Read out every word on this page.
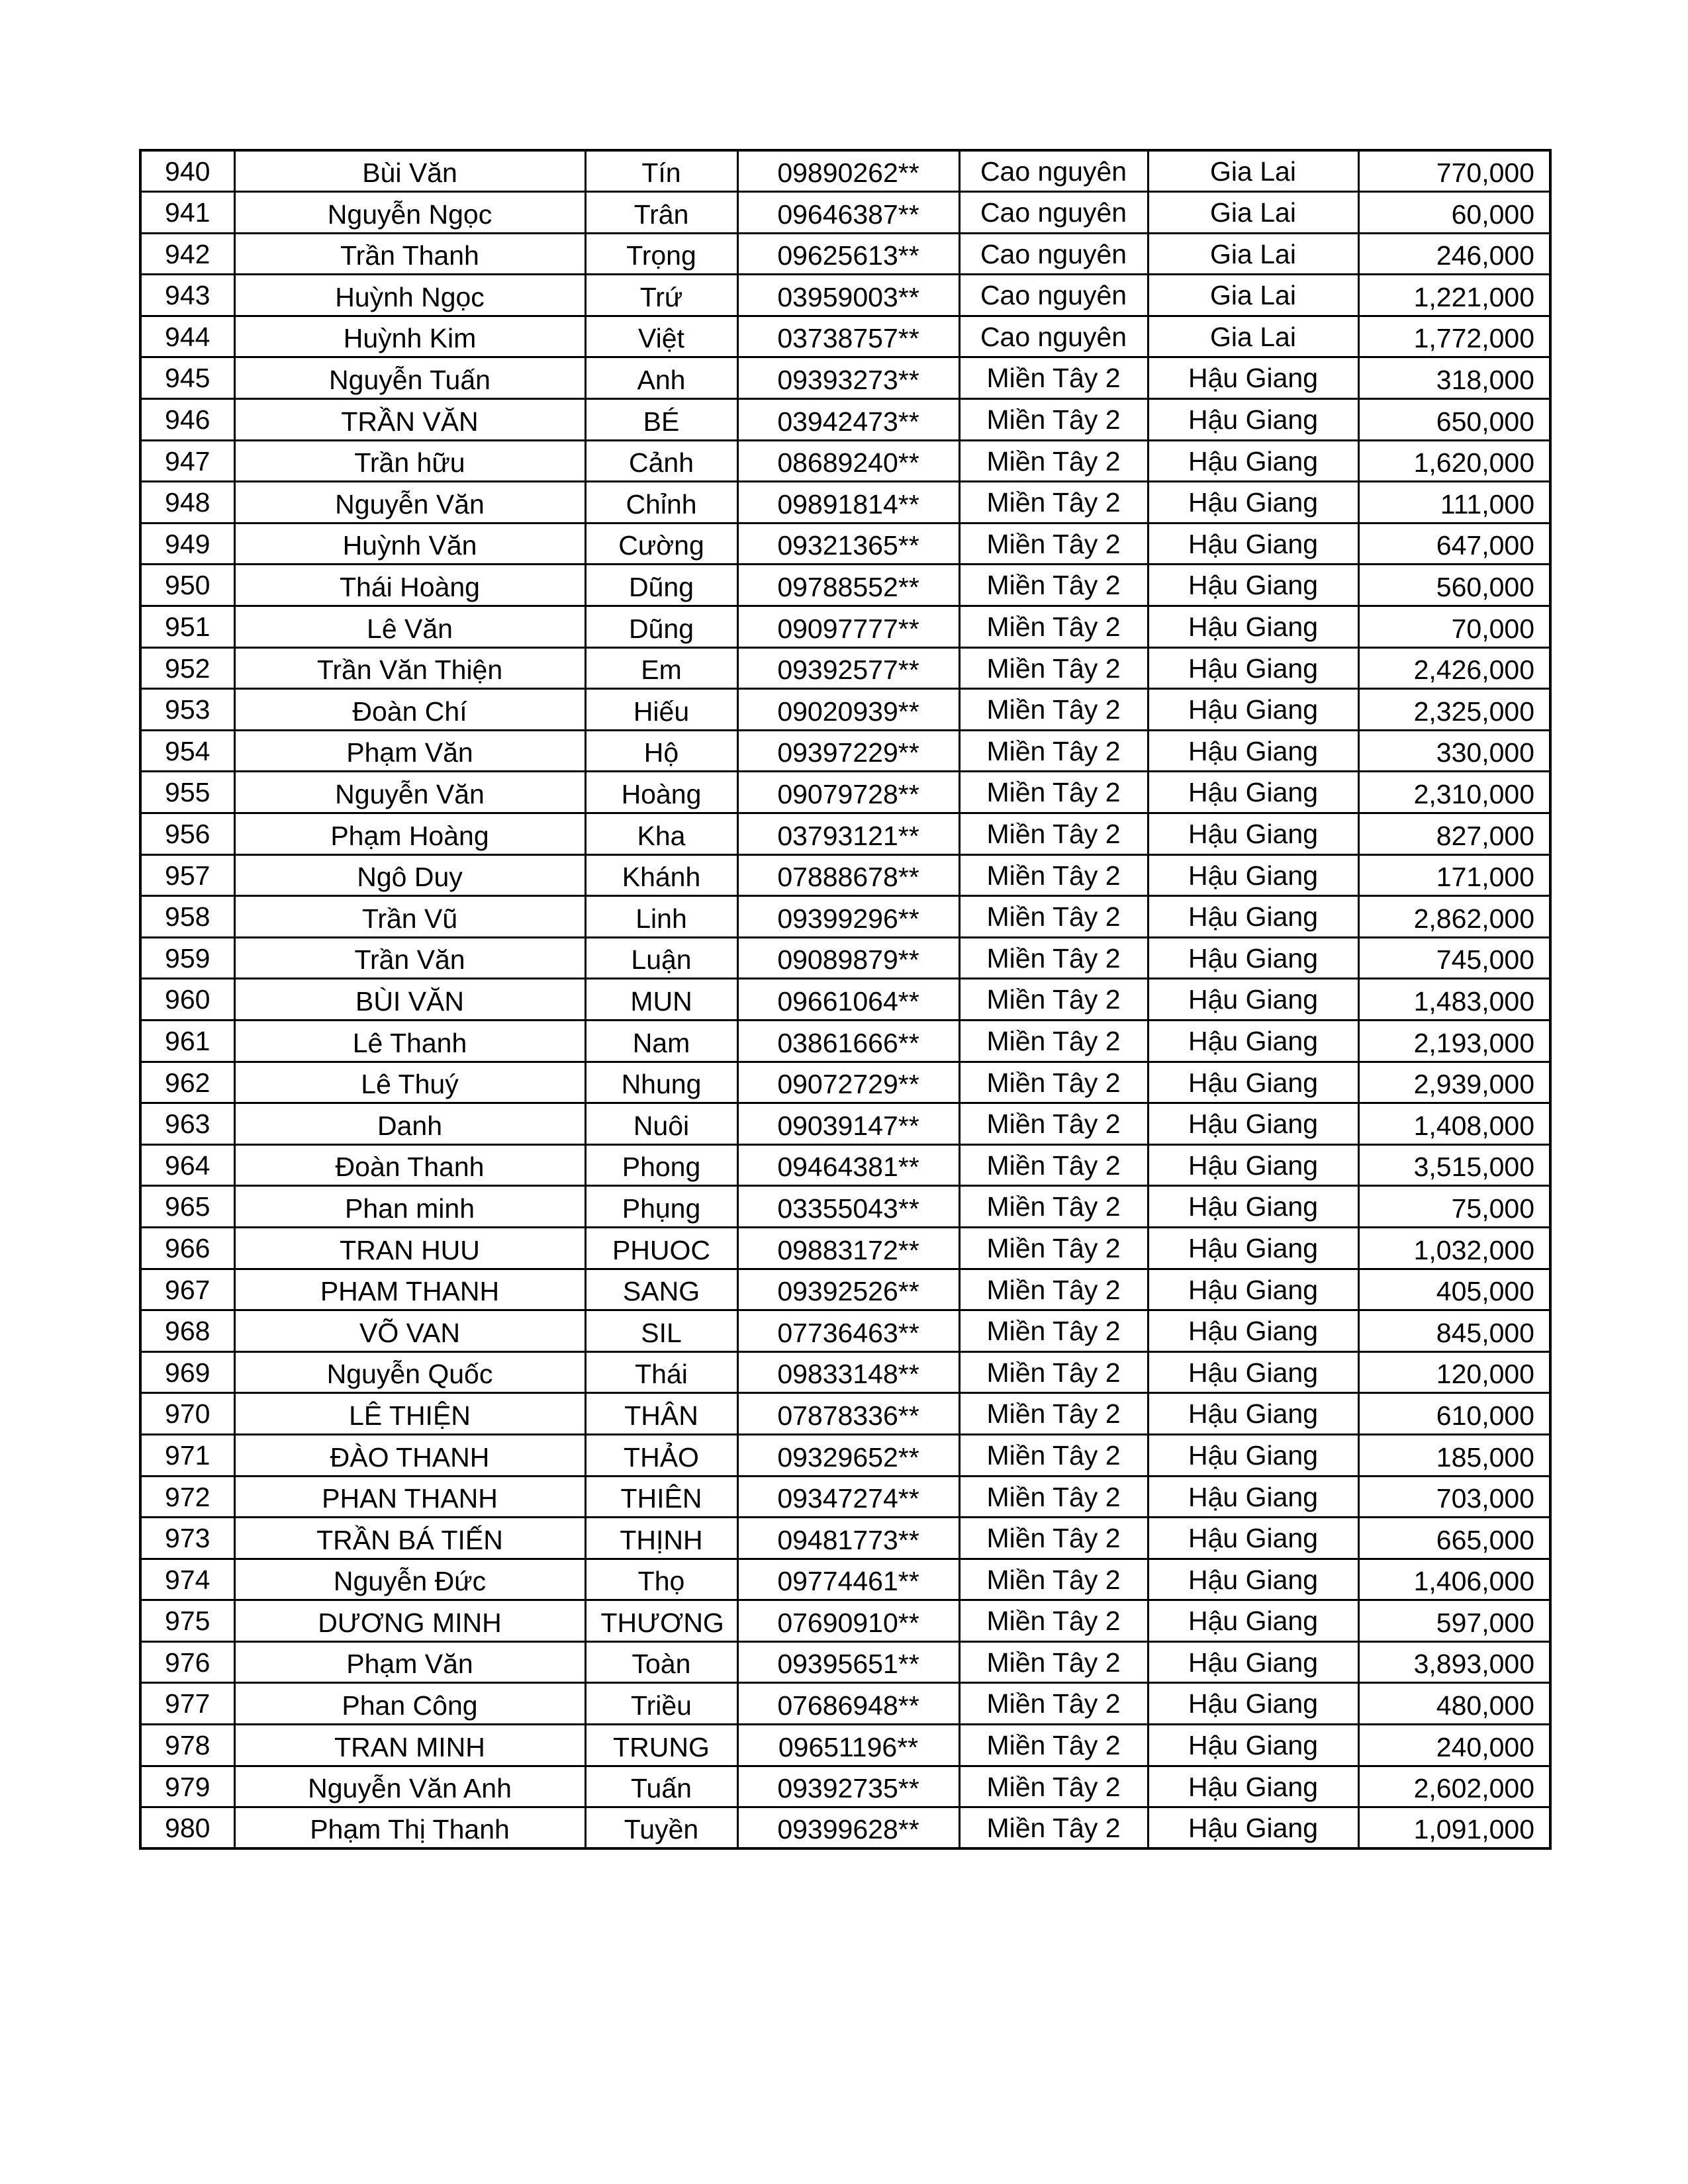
940	Bùi Văn	Tín	09890262**	Cao nguyên	Gia Lai	770,000
941	Nguyễn Ngọc	Trân	09646387**	Cao nguyên	Gia Lai	60,000
942	Trần Thanh	Trọng	09625613**	Cao nguyên	Gia Lai	246,000
943	Huỳnh Ngọc	Trứ	03959003**	Cao nguyên	Gia Lai	1,221,000
944	Huỳnh Kim	Việt	03738757**	Cao nguyên	Gia Lai	1,772,000
945	Nguyễn Tuấn	Anh	09393273**	Miền Tây 2	Hậu Giang	318,000
946	TRẦN VĂN	BÉ	03942473**	Miền Tây 2	Hậu Giang	650,000
947	Trần hữu	Cảnh	08689240**	Miền Tây 2	Hậu Giang	1,620,000
948	Nguyễn Văn	Chỉnh	09891814**	Miền Tây 2	Hậu Giang	111,000
949	Huỳnh Văn	Cường	09321365**	Miền Tây 2	Hậu Giang	647,000
950	Thái Hoàng	Dũng	09788552**	Miền Tây 2	Hậu Giang	560,000
951	Lê Văn	Dũng	09097777**	Miền Tây 2	Hậu Giang	70,000
952	Trần Văn Thiện	Em	09392577**	Miền Tây 2	Hậu Giang	2,426,000
953	Đoàn Chí	Hiếu	09020939**	Miền Tây 2	Hậu Giang	2,325,000
954	Phạm Văn	Hộ	09397229**	Miền Tây 2	Hậu Giang	330,000
955	Nguyễn Văn	Hoàng	09079728**	Miền Tây 2	Hậu Giang	2,310,000
956	Phạm Hoàng	Kha	03793121**	Miền Tây 2	Hậu Giang	827,000
957	Ngô Duy	Khánh	07888678**	Miền Tây 2	Hậu Giang	171,000
958	Trần Vũ	Linh	09399296**	Miền Tây 2	Hậu Giang	2,862,000
959	Trần Văn	Luận	09089879**	Miền Tây 2	Hậu Giang	745,000
960	BÙI VĂN	MUN	09661064**	Miền Tây 2	Hậu Giang	1,483,000
961	Lê Thanh	Nam	03861666**	Miền Tây 2	Hậu Giang	2,193,000
962	Lê Thuý	Nhung	09072729**	Miền Tây 2	Hậu Giang	2,939,000
963	Danh	Nuôi	09039147**	Miền Tây 2	Hậu Giang	1,408,000
964	Đoàn Thanh	Phong	09464381**	Miền Tây 2	Hậu Giang	3,515,000
965	Phan minh	Phụng	03355043**	Miền Tây 2	Hậu Giang	75,000
966	TRAN HUU	PHUOC	09883172**	Miền Tây 2	Hậu Giang	1,032,000
967	PHAM THANH	SANG	09392526**	Miền Tây 2	Hậu Giang	405,000
968	VÕ VAN	SIL	07736463**	Miền Tây 2	Hậu Giang	845,000
969	Nguyễn Quốc	Thái	09833148**	Miền Tây 2	Hậu Giang	120,000
970	LÊ THIỆN	THÂN	07878336**	Miền Tây 2	Hậu Giang	610,000
971	ĐÀO THANH	THẢO	09329652**	Miền Tây 2	Hậu Giang	185,000
972	PHAN THANH	THIÊN	09347274**	Miền Tây 2	Hậu Giang	703,000
973	TRẦN BÁ TIẾN	THỊNH	09481773**	Miền Tây 2	Hậu Giang	665,000
974	Nguyễn Đức	Thọ	09774461**	Miền Tây 2	Hậu Giang	1,406,000
975	DƯƠNG MINH	THƯƠNG	07690910**	Miền Tây 2	Hậu Giang	597,000
976	Phạm Văn	Toàn	09395651**	Miền Tây 2	Hậu Giang	3,893,000
977	Phan Công	Triều	07686948**	Miền Tây 2	Hậu Giang	480,000
978	TRAN MINH	TRUNG	09651196**	Miền Tây 2	Hậu Giang	240,000
979	Nguyễn Văn Anh	Tuấn	09392735**	Miền Tây 2	Hậu Giang	2,602,000
980	Phạm Thị Thanh	Tuyền	09399628**	Miền Tây 2	Hậu Giang	1,091,000
